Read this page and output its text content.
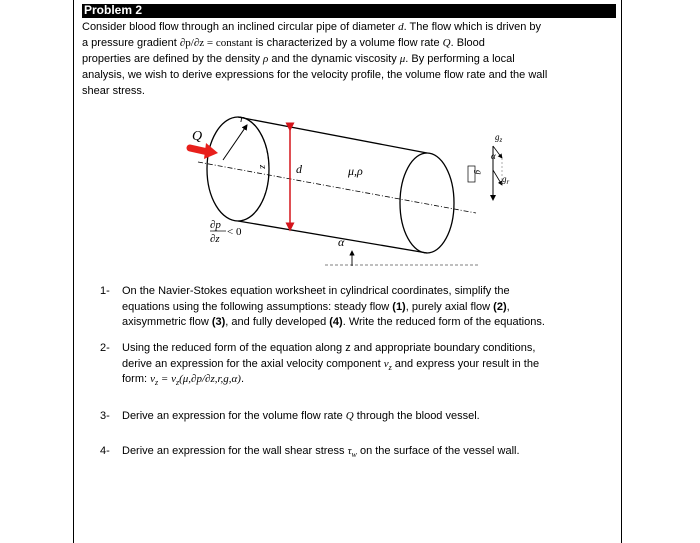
Problem 2
Consider blood flow through an inclined circular pipe of diameter d. The flow which is driven by
a pressure gradient ∂p/∂z = constant is characterized by a volume flow rate Q. Blood
properties are defined by the density ρ and the dynamic viscosity μ. By performing a local
analysis, we wish to derive expressions for the velocity profile, the volume flow rate and the wall
shear stress.
Q
r
z d	μ,ρ
α
∂p
∂z
< 0
g
$g_z$
α
$g_r$
1- On the Navier-Stokes equation worksheet in cylindrical coordinates, simplify the
equations using the following assumptions: steady flow (1), purely axial flow (2),
axisymmetric flow (3), and fully developed (4). Write the reduced form of the equations.
2- Using the reduced form of the equation along z and appropriate boundary conditions,
derive an expression for the axial velocity component $v_z$ and express your result in the
form: $v_z = v_z(\mu,\partial p/\partial z,r,g,\alpha)$.
3- Derive an expression for the volume flow rate Q through the blood vessel.
4- Derive an expression for the wall shear stress $\tau_w$ on the surface of the vessel wall.
